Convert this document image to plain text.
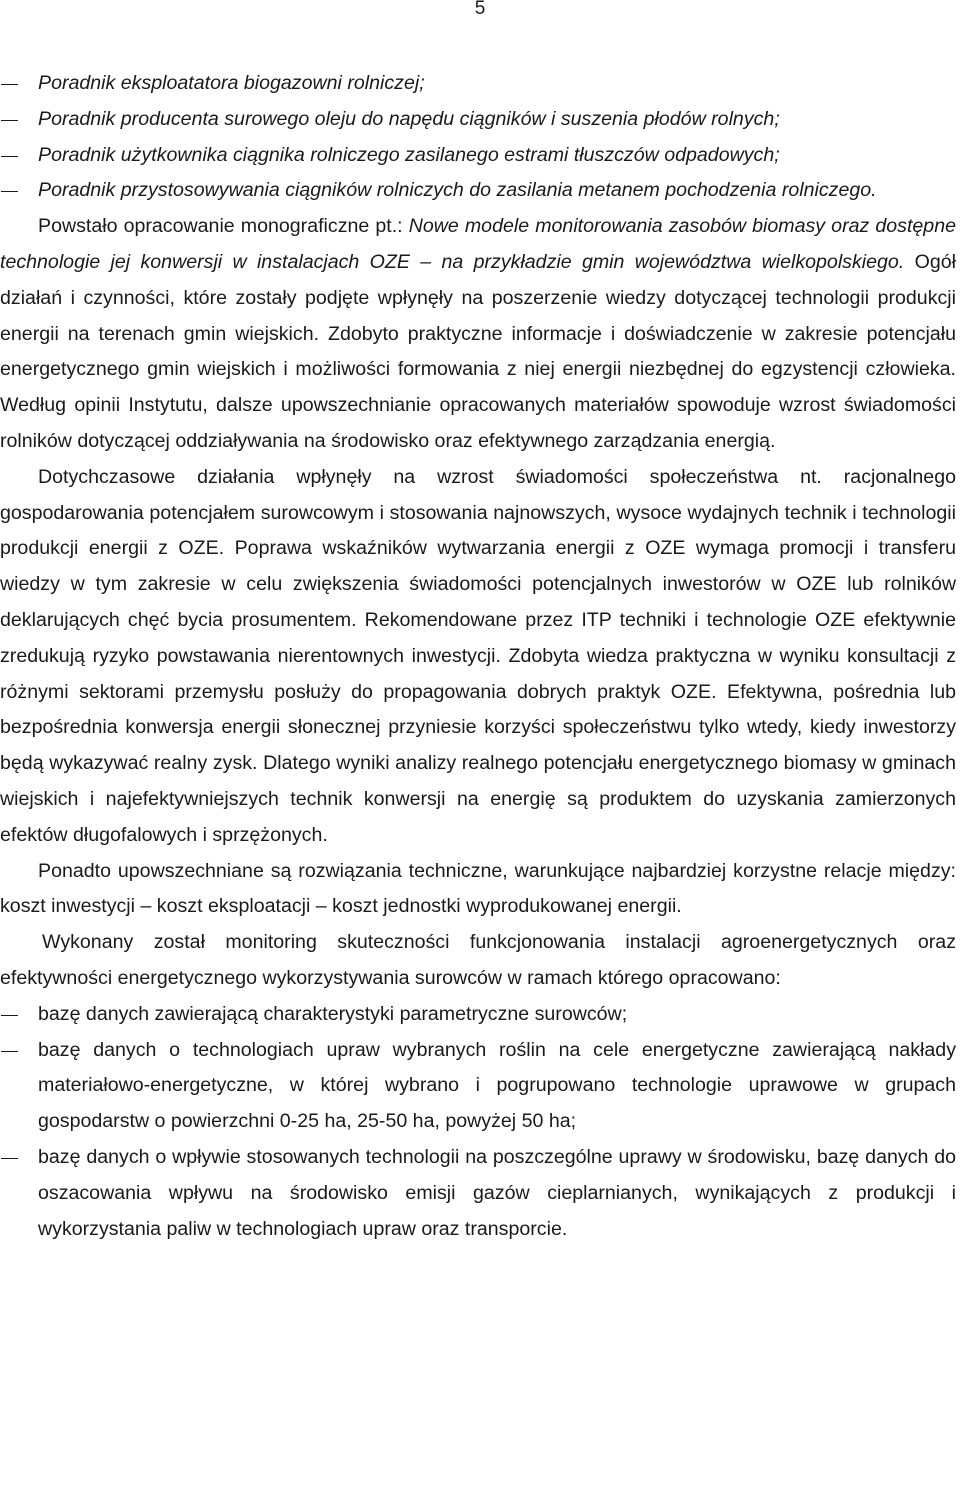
5
Poradnik eksploatatora biogazowni rolniczej;
Poradnik producenta surowego oleju do napędu ciągników i suszenia płodów rolnych;
Poradnik użytkownika ciągnika rolniczego zasilanego estrami tłuszczów odpadowych;
Poradnik przystosowywania ciągników rolniczych do zasilania metanem pochodzenia rolniczego.

Powstało opracowanie monograficzne pt.: Nowe modele monitorowania zasobów biomasy oraz dostępne technologie jej konwersji w instalacjach OZE – na przykładzie gmin województwa wielkopolskiego. Ogół działań i czynności, które zostały podjęte wpłynęły na poszerzenie wiedzy dotyczącej technologii produkcji energii na terenach gmin wiejskich. Zdobyto praktyczne informacje i doświadczenie w zakresie potencjału energetycznego gmin wiejskich i możliwości formowania z niej energii niezbędnej do egzystencji człowieka. Według opinii Instytutu, dalsze upowszechnianie opracowanych materiałów spowoduje wzrost świadomości rolników dotyczącej oddziaływania na środowisko oraz efektywnego zarządzania energią.

Dotychczasowe działania wpłynęły na wzrost świadomości społeczeństwa nt. racjonalnego gospodarowania potencjałem surowcowym i stosowania najnowszych, wysoce wydajnych technik i technologii produkcji energii z OZE. Poprawa wskaźników wytwarzania energii z OZE wymaga promocji i transferu wiedzy w tym zakresie w celu zwiększenia świadomości potencjalnych inwestorów w OZE lub rolników deklarujących chęć bycia prosumentem. Rekomendowane przez ITP techniki i technologie OZE efektywnie zredukują ryzyko powstawania nierentownych inwestycji. Zdobyta wiedza praktyczna w wyniku konsultacji z różnymi sektorami przemysłu posłuży do propagowania dobrych praktyk OZE. Efektywna, pośrednia lub bezpośrednia konwersja energii słonecznej przyniesie korzyści społeczeństwu tylko wtedy, kiedy inwestorzy będą wykazywać realny zysk. Dlatego wyniki analizy realnego potencjału energetycznego biomasy w gminach wiejskich i najefektywniejszych technik konwersji na energię są produktem do uzyskania zamierzonych efektów długofalowych i sprzężonych.

Ponadto upowszechniane są rozwiązania techniczne, warunkujące najbardziej korzystne relacje między: koszt inwestycji – koszt eksploatacji – koszt jednostki wyprodukowanej energii.

Wykonany został monitoring skuteczności funkcjonowania instalacji agroenergetycznych oraz efektywności energetycznego wykorzystywania surowców w ramach którego opracowano:

bazę danych zawierającą charakterystyki parametryczne surowców;
bazę danych o technologiach upraw wybranych roślin na cele energetyczne zawierającą nakłady materiałowo-energetyczne, w której wybrano i pogrupowano technologie uprawowe w grupach gospodarstw o powierzchni 0-25 ha, 25-50 ha, powyżej 50 ha;
bazę danych o wpływie stosowanych technologii na poszczególne uprawy w środowisku, bazę danych do oszacowania wpływu na środowisko emisji gazów cieplarnianych, wynikających z produkcji i wykorzystania paliw w technologiach upraw oraz transporcie.
